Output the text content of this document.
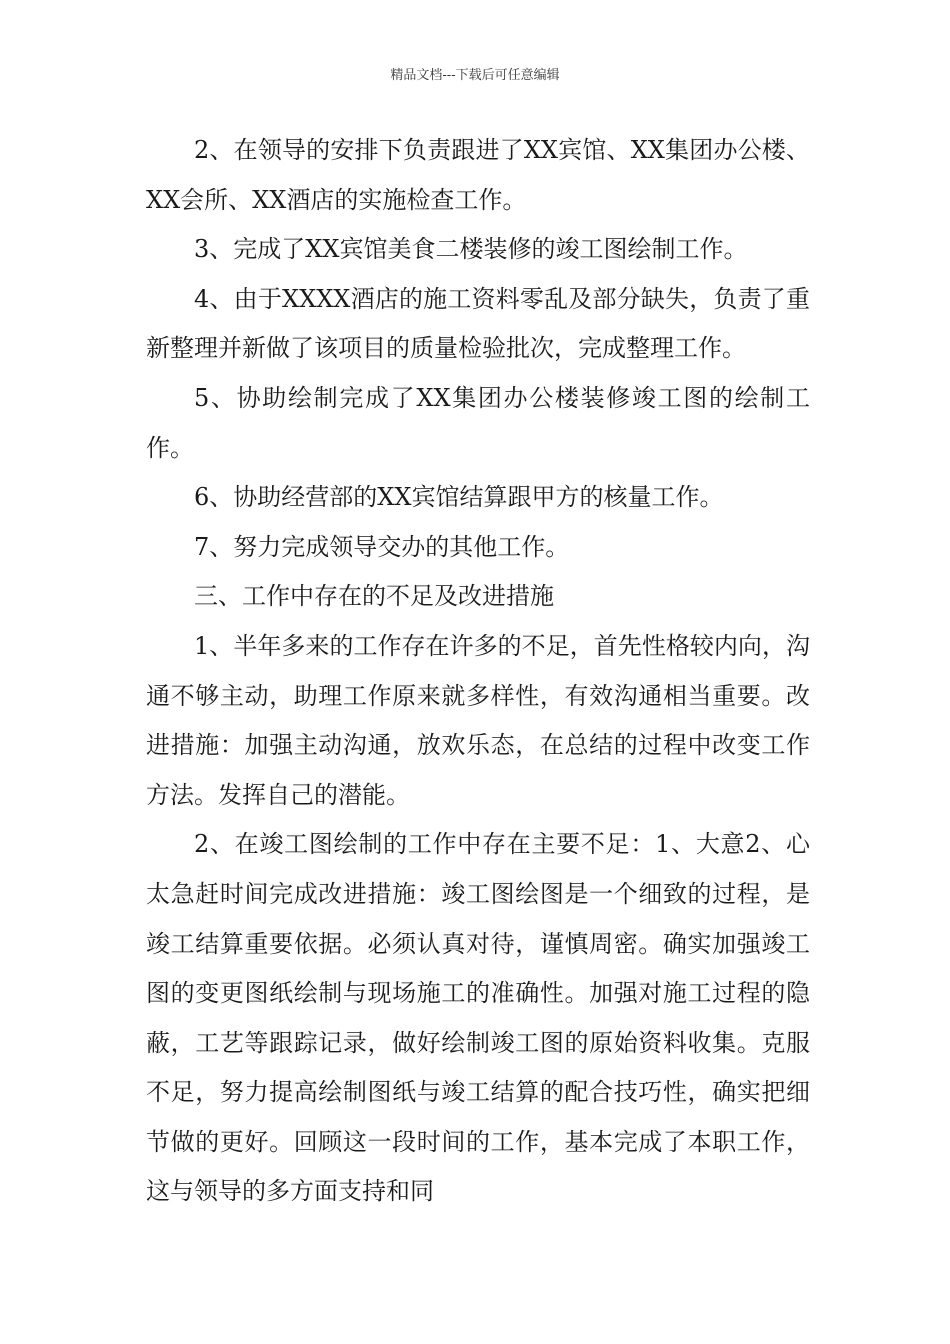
精品文档---下载后可任意编辑

2、在领导的安排下负责跟进了XX宾馆、XX集团办公楼、XX会所、XX酒店的实施检查工作。

3、完成了XX宾馆美食二楼装修的竣工图绘制工作。

4、由于XXXX酒店的施工资料零乱及部分缺失，负责了重新整理并新做了该项目的质量检验批次，完成整理工作。

5、协助绘制完成了XX集团办公楼装修竣工图的绘制工作。

6、协助经营部的XX宾馆结算跟甲方的核量工作。

7、努力完成领导交办的其他工作。

三、工作中存在的不足及改进措施

1、半年多来的工作存在许多的不足，首先性格较内向，沟通不够主动，助理工作原来就多样性，有效沟通相当重要。改进措施：加强主动沟通，放欢乐态，在总结的过程中改变工作方法。发挥自己的潜能。

2、在竣工图绘制的工作中存在主要不足：1、大意2、心太急赶时间完成改进措施：竣工图绘图是一个细致的过程，是竣工结算重要依据。必须认真对待，谨慎周密。确实加强竣工图的变更图纸绘制与现场施工的准确性。加强对施工过程的隐蔽，工艺等跟踪记录，做好绘制竣工图的原始资料收集。克服不足，努力提高绘制图纸与竣工结算的配合技巧性，确实把细节做的更好。回顾这一段时间的工作，基本完成了本职工作，这与领导的多方面支持和同
